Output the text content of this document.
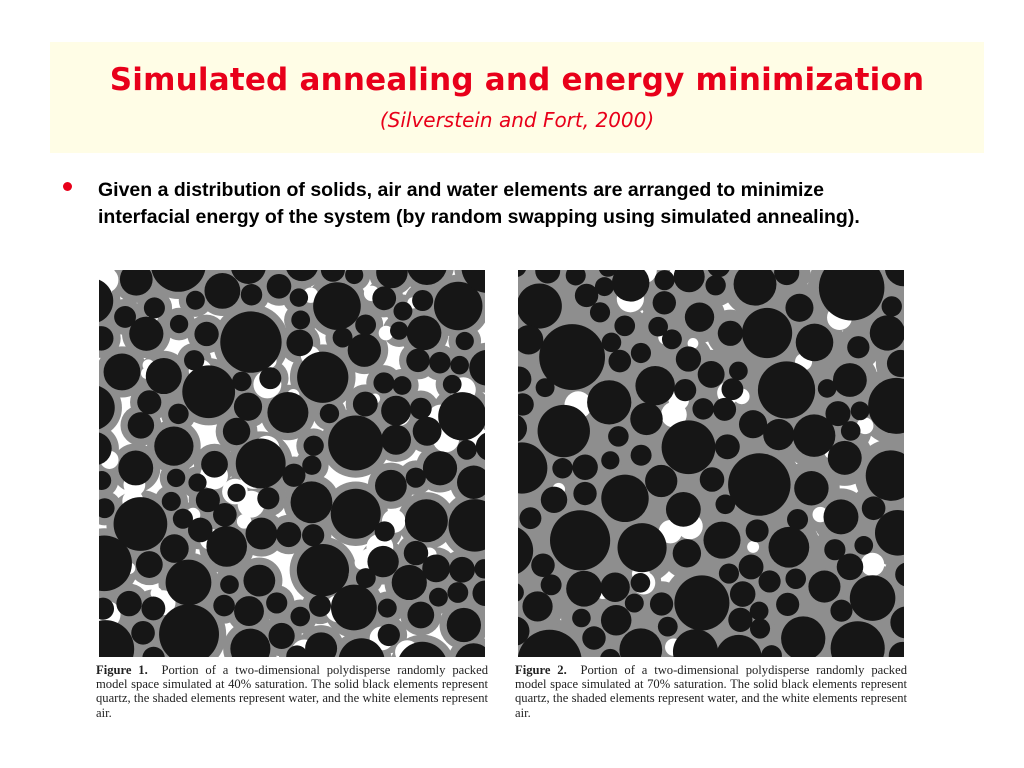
Simulated annealing and energy minimization
(Silverstein and Fort, 2000)
Given a distribution of solids, air and water elements are arranged to minimize interfacial energy of the system (by random swapping using simulated annealing).
Figure 1. Portion of a two-dimensional polydisperse randomly packed model space simulated at 40% saturation. The solid black elements represent quartz, the shaded elements represent water, and the white elements represent air.
Figure 2. Portion of a two-dimensional polydisperse randomly packed model space simulated at 70% saturation. The solid black elements represent quartz, the shaded elements represent water, and the white elements represent air.
